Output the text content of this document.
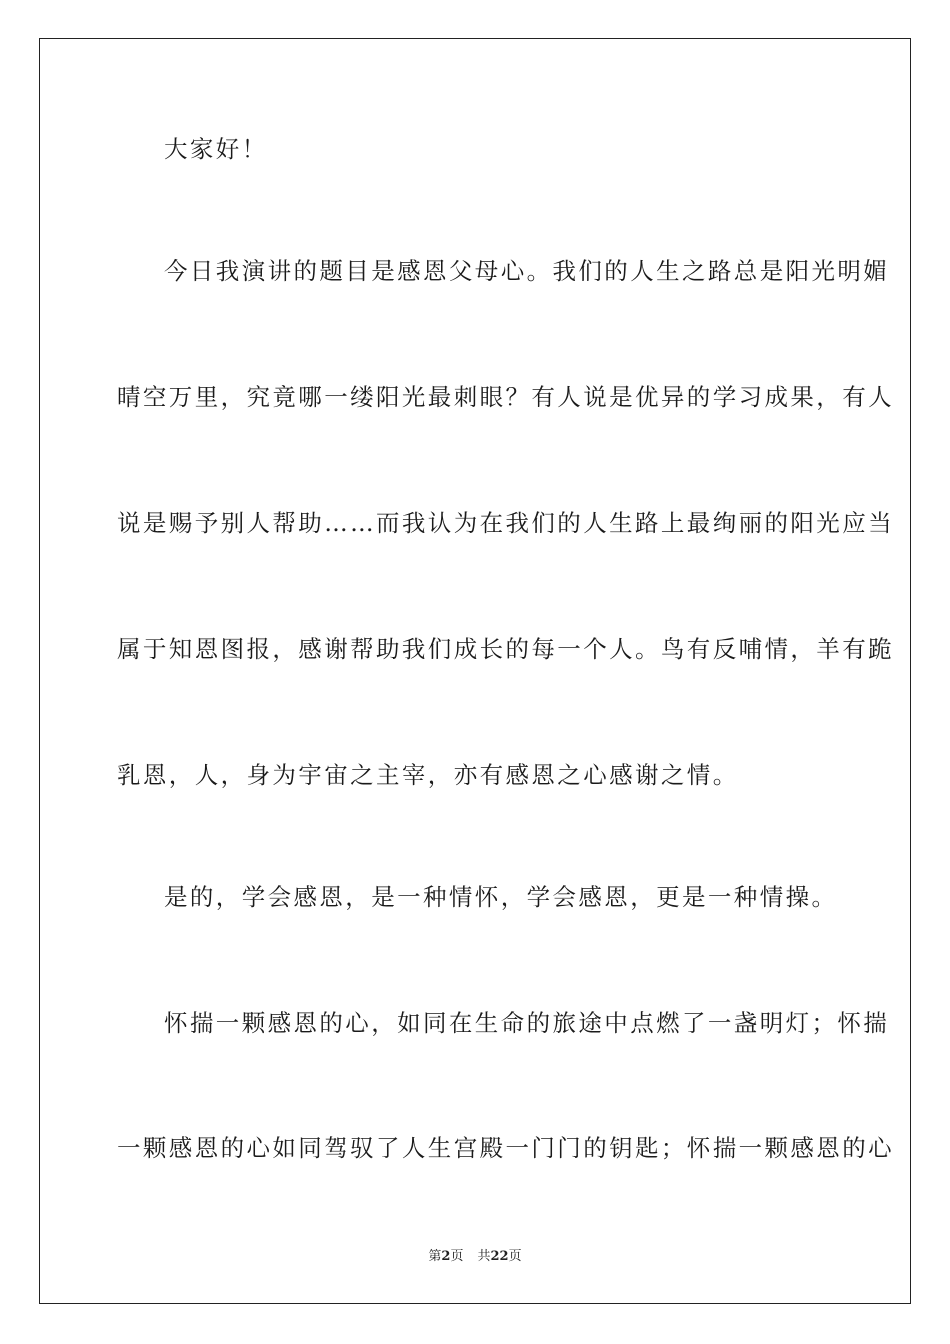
大家好！
今日我演讲的题目是感恩父母心。我们的人生之路总是阳光明媚
晴空万里，究竟哪一缕阳光最刺眼？有人说是优异的学习成果，有人
说是赐予别人帮助……而我认为在我们的人生路上最绚丽的阳光应当
属于知恩图报，感谢帮助我们成长的每一个人。鸟有反哺情，羊有跪
乳恩，人，身为宇宙之主宰，亦有感恩之心感谢之情。
是的，学会感恩，是一种情怀，学会感恩，更是一种情操。
怀揣一颗感恩的心，如同在生命的旅途中点燃了一盏明灯；怀揣
一颗感恩的心如同驾驭了人生宫殿一门门的钥匙；怀揣一颗感恩的心
第2页 共22页
